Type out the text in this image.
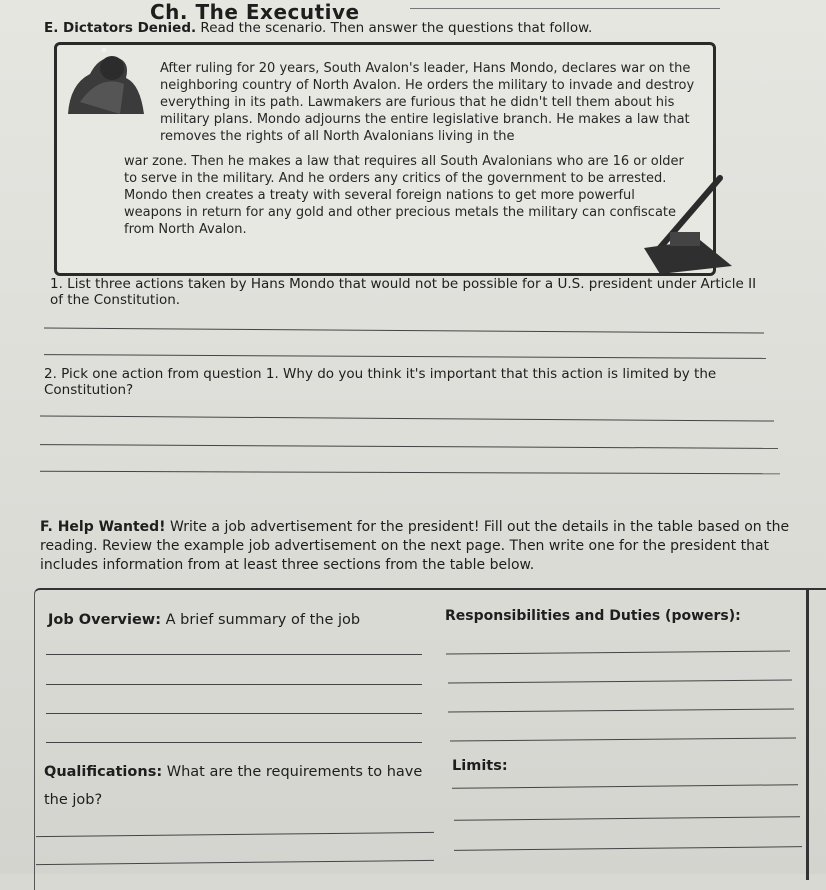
Ch. The Executive
E. Dictators Denied. Read the scenario. Then answer the questions that follow.
After ruling for 20 years, South Avalon's leader, Hans Mondo, declares war on the neighboring country of North Avalon. He orders the military to invade and destroy everything in its path. Lawmakers are furious that he didn't tell them about his military plans. Mondo adjourns the entire legislative branch. He makes a law that removes the rights of all North Avalonians living in the
war zone. Then he makes a law that requires all South Avalonians who are 16 or older to serve in the military. And he orders any critics of the government to be arrested. Mondo then creates a treaty with several foreign nations to get more powerful weapons in return for any gold and other precious metals the military can confiscate from North Avalon.
1. List three actions taken by Hans Mondo that would not be possible for a U.S. president under Article II of the Constitution.
2. Pick one action from question 1. Why do you think it's important that this action is limited by the Constitution?
F. Help Wanted! Write a job advertisement for the president! Fill out the details in the table based on the reading. Review the example job advertisement on the next page. Then write one for the president that includes information from at least three sections from the table below.
Job Overview: A brief summary of the job	Responsibilities and Duties (powers):
Qualifications: What are the requirements to have the job?
Limits:
